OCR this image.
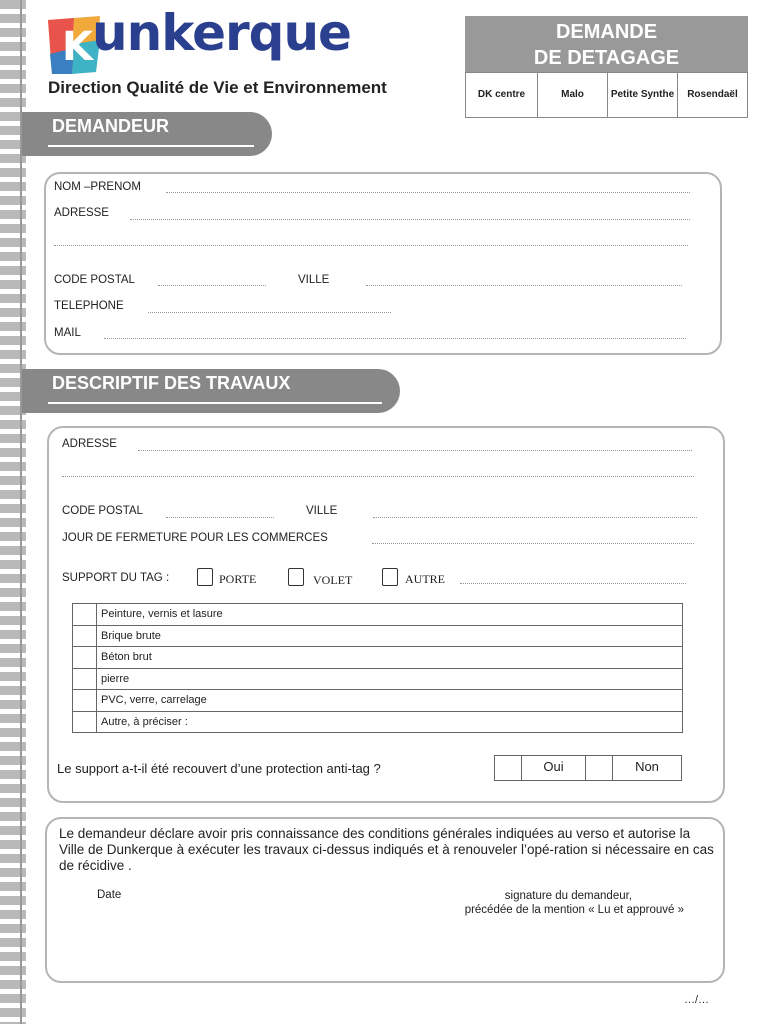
K unkerque
Direction Qualité de Vie et Environnement
DEMANDE
DE DETAGAGE
DK centre	Malo	Petite Synthe	Rosendaël
DEMANDEUR
NOM –PRENOM
ADRESSE
CODE POSTAL	VILLE
TELEPHONE
MAIL
DESCRIPTIF DES TRAVAUX
ADRESSE
CODE POSTAL	VILLE
JOUR DE FERMETURE POUR LES COMMERCES
SUPPORT DU TAG :	PORTE	VOLET	AUTRE
	Peinture, vernis et lasure
	Brique brute
	Béton brut
	pierre
	PVC, verre, carrelage
	Autre, à préciser :
Le support a-t-il été recouvert d’une protection anti-tag ?	Oui	Non
Le demandeur déclare avoir pris connaissance des conditions générales indiquées au verso et autorise la Ville de Dunkerque à exécuter les travaux ci-dessus indiqués et à renouveler l’opé-ration si nécessaire en cas de récidive .
Date	signature du demandeur,
précédée de la mention « Lu et approuvé »
…/…
